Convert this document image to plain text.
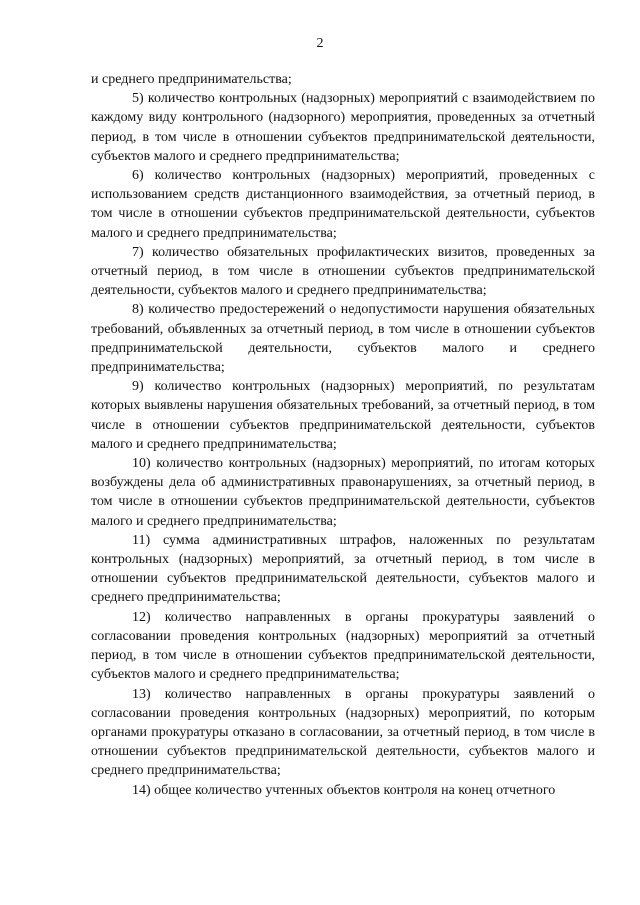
2

и среднего предпринимательства;

5) количество контрольных (надзорных) мероприятий с взаимодействием по каждому виду контрольного (надзорного) мероприятия, проведенных за отчетный период, в том числе в отношении субъектов предпринимательской деятельности, субъектов малого и среднего предпринимательства;

6) количество контрольных (надзорных) мероприятий, проведенных с использованием средств дистанционного взаимодействия, за отчетный период, в том числе в отношении субъектов предпринимательской деятельности, субъектов малого и среднего предпринимательства;

7) количество обязательных профилактических визитов, проведенных за отчетный период, в том числе в отношении субъектов предпринимательской деятельности, субъектов малого и среднего предпринимательства;

8) количество предостережений о недопустимости нарушения обязательных требований, объявленных за отчетный период, в том числе в отношении субъектов предпринимательской деятельности, субъектов малого и среднего предпринимательства;

9) количество контрольных (надзорных) мероприятий, по результатам которых выявлены нарушения обязательных требований, за отчетный период, в том числе в отношении субъектов предпринимательской деятельности, субъектов малого и среднего предпринимательства;

10) количество контрольных (надзорных) мероприятий, по итогам которых возбуждены дела об административных правонарушениях, за отчетный период, в том числе в отношении субъектов предпринимательской деятельности, субъектов малого и среднего предпринимательства;

11) сумма административных штрафов, наложенных по результатам контрольных (надзорных) мероприятий, за отчетный период, в том числе в отношении субъектов предпринимательской деятельности, субъектов малого и среднего предпринимательства;

12) количество направленных в органы прокуратуры заявлений о согласовании проведения контрольных (надзорных) мероприятий за отчетный период, в том числе в отношении субъектов предпринимательской деятельности, субъектов малого и среднего предпринимательства;

13) количество направленных в органы прокуратуры заявлений о согласовании проведения контрольных (надзорных) мероприятий, по которым органами прокуратуры отказано в согласовании, за отчетный период, в том числе в отношении субъектов предпринимательской деятельности, субъектов малого и среднего предпринимательства;

14) общее количество учтенных объектов контроля на конец отчетного
